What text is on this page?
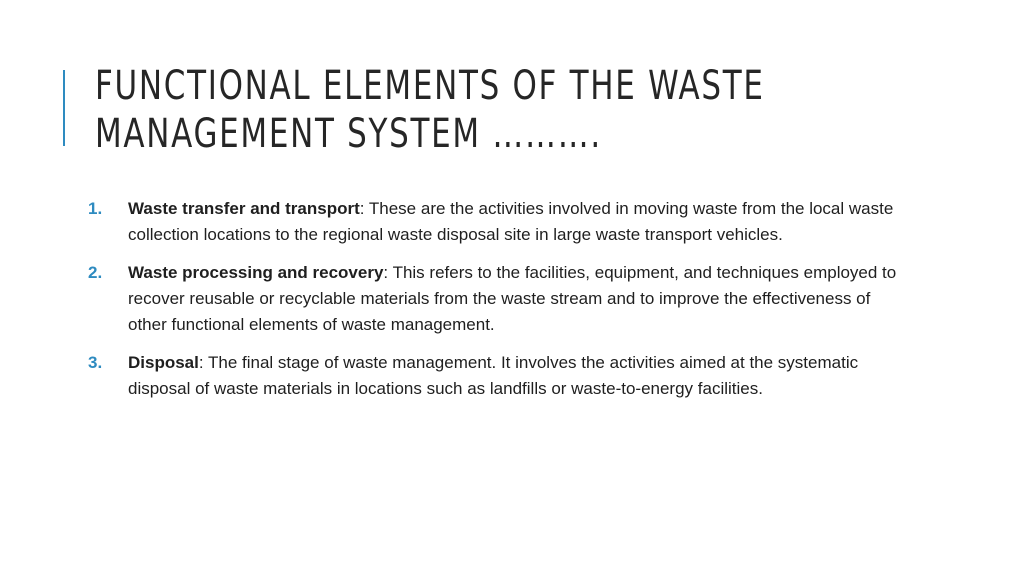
FUNCTIONAL ELEMENTS OF THE WASTE MANAGEMENT SYSTEM ……….
1. Waste transfer and transport: These are the activities involved in moving waste from the local waste collection locations to the regional waste disposal site in large waste transport vehicles.
2. Waste processing and recovery: This refers to the facilities, equipment, and techniques employed to recover reusable or recyclable materials from the waste stream and to improve the effectiveness of other functional elements of waste management.
3. Disposal: The final stage of waste management. It involves the activities aimed at the systematic disposal of waste materials in locations such as landfills or waste-to-energy facilities.
